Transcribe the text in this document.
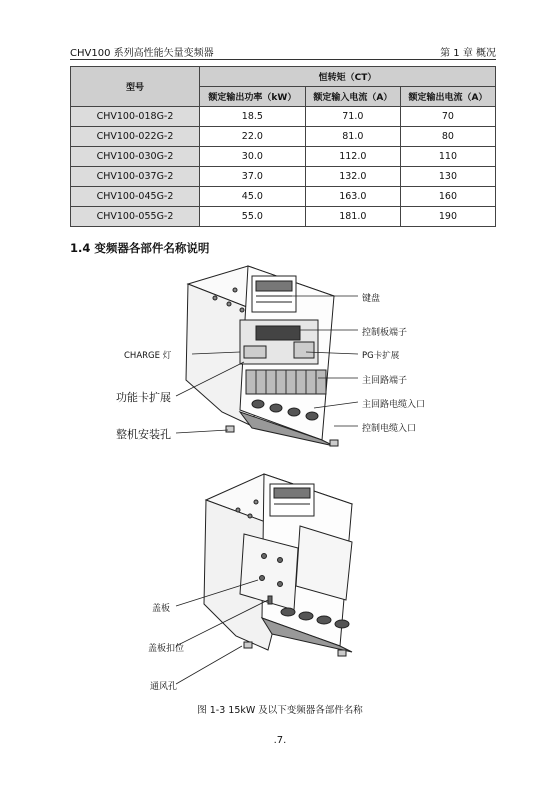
CHV100 系列高性能矢量变频器	第 1 章 概况
型号	恒转矩（CT）		
	额定输出功率（kW）	额定输入电流（A）	额定输出电流（A）
CHV100-018G-2	18.5	71.0	70
CHV100-022G-2	22.0	81.0	80
CHV100-030G-2	30.0	112.0	110
CHV100-037G-2	37.0	132.0	130
CHV100-045G-2	45.0	163.0	160
CHV100-055G-2	55.0	181.0	190
1.4 变频器各部件名称说明
键盘
控制板端子
CHARGE 灯	PG卡扩展
功能卡扩展
主回路端子
主回路电缆入口
整机安装孔	控制电缆入口
盖板
盖板扣位
通风孔
图 1-3 15kW 及以下变频器各部件名称
.7.
